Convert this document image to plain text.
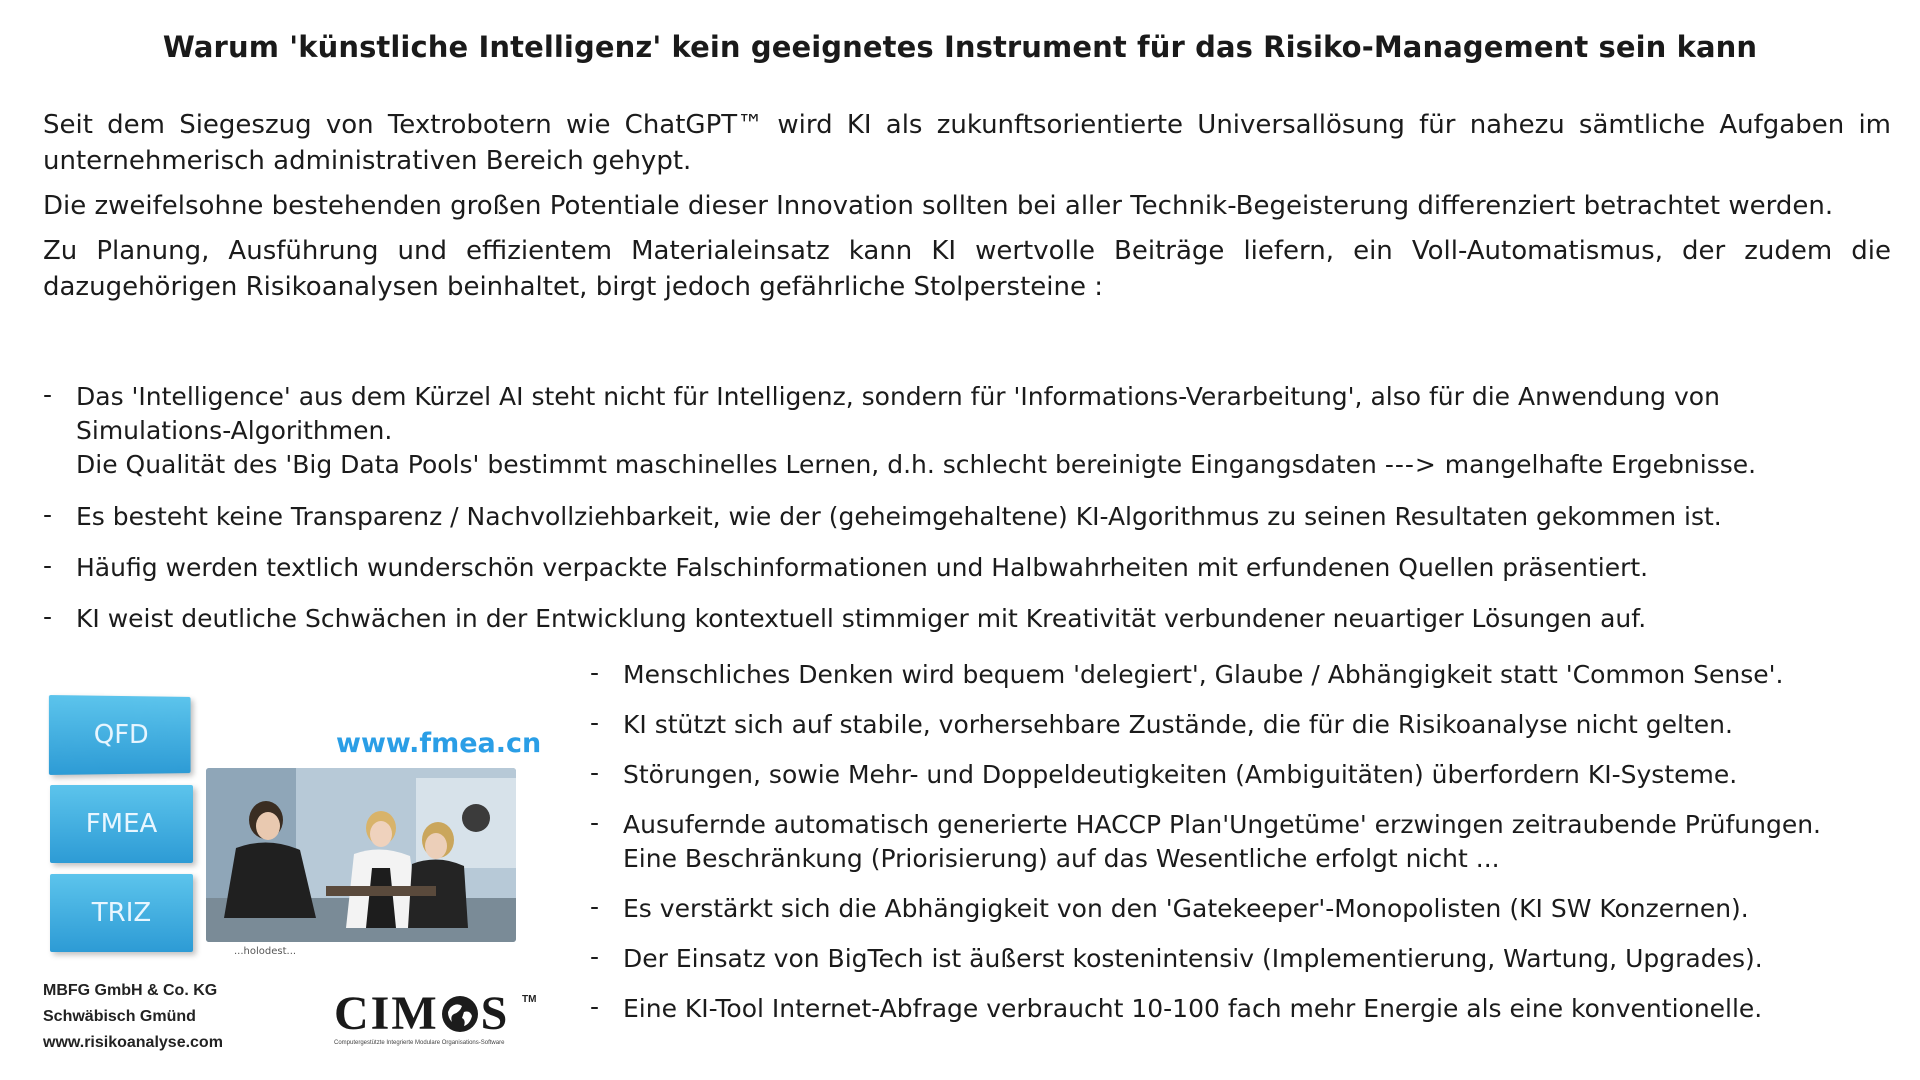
Warum 'künstliche Intelligenz' kein geeignetes Instrument für das Risiko-Management sein kann

Seit dem Siegeszug von Textrobotern wie ChatGPT™ wird KI als zukunftsorientierte Universallösung für nahezu sämtliche Aufgaben im unternehmerisch administrativen Bereich gehypt.

Die zweifelsohne bestehenden großen Potentiale dieser Innovation sollten bei aller Technik-Begeisterung differenziert betrachtet werden.

Zu Planung, Ausführung und effizientem Materialeinsatz kann KI wertvolle Beiträge liefern, ein Voll-Automatismus, der zudem die dazugehörigen Risikoanalysen beinhaltet, birgt jedoch gefährliche Stolpersteine :

- Das 'Intelligence' aus dem Kürzel AI steht nicht für Intelligenz, sondern für 'Informations-Verarbeitung', also für die Anwendung von
Simulations-Algorithmen.
Die Qualität des 'Big Data Pools' bestimmt maschinelles Lernen, d.h. schlecht bereinigte Eingangsdaten ---> mangelhafte Ergebnisse.
- Es besteht keine Transparenz / Nachvollziehbarkeit, wie der (geheimgehaltene) KI-Algorithmus zu seinen Resultaten gekommen ist.
- Häufig werden textlich wunderschön verpackte Falschinformationen und Halbwahrheiten mit erfundenen Quellen präsentiert.
- KI weist deutliche Schwächen in der Entwicklung kontextuell stimmiger mit Kreativität verbundener neuartiger Lösungen auf.
QFD
FMEA
TRIZ
www.fmea.cn
...holodest...
- Menschliches Denken wird bequem 'delegiert', Glaube / Abhängigkeit statt 'Common Sense'.
- KI stützt sich auf stabile, vorhersehbare Zustände, die für die Risikoanalyse nicht gelten.
- Störungen, sowie Mehr- und Doppeldeutigkeiten (Ambiguitäten) überfordern KI-Systeme.
- Ausufernde automatisch generierte HACCP Plan'Ungetüme' erzwingen zeitraubende Prüfungen.
Eine Beschränkung (Priorisierung) auf das Wesentliche erfolgt nicht ...
- Es verstärkt sich die Abhängigkeit von den 'Gatekeeper'-Monopolisten (KI SW Konzernen).
- Der Einsatz von BigTech ist äußerst kostenintensiv (Implementierung, Wartung, Upgrades).
- Eine KI-Tool Internet-Abfrage verbraucht 10-100 fach mehr Energie als eine konventionelle.
MBFG GmbH & Co. KG
Schwäbisch Gmünd
www.risikoanalyse.com
CIM S TM
Computergestützte Integrierte Modulare Organisations-Software
